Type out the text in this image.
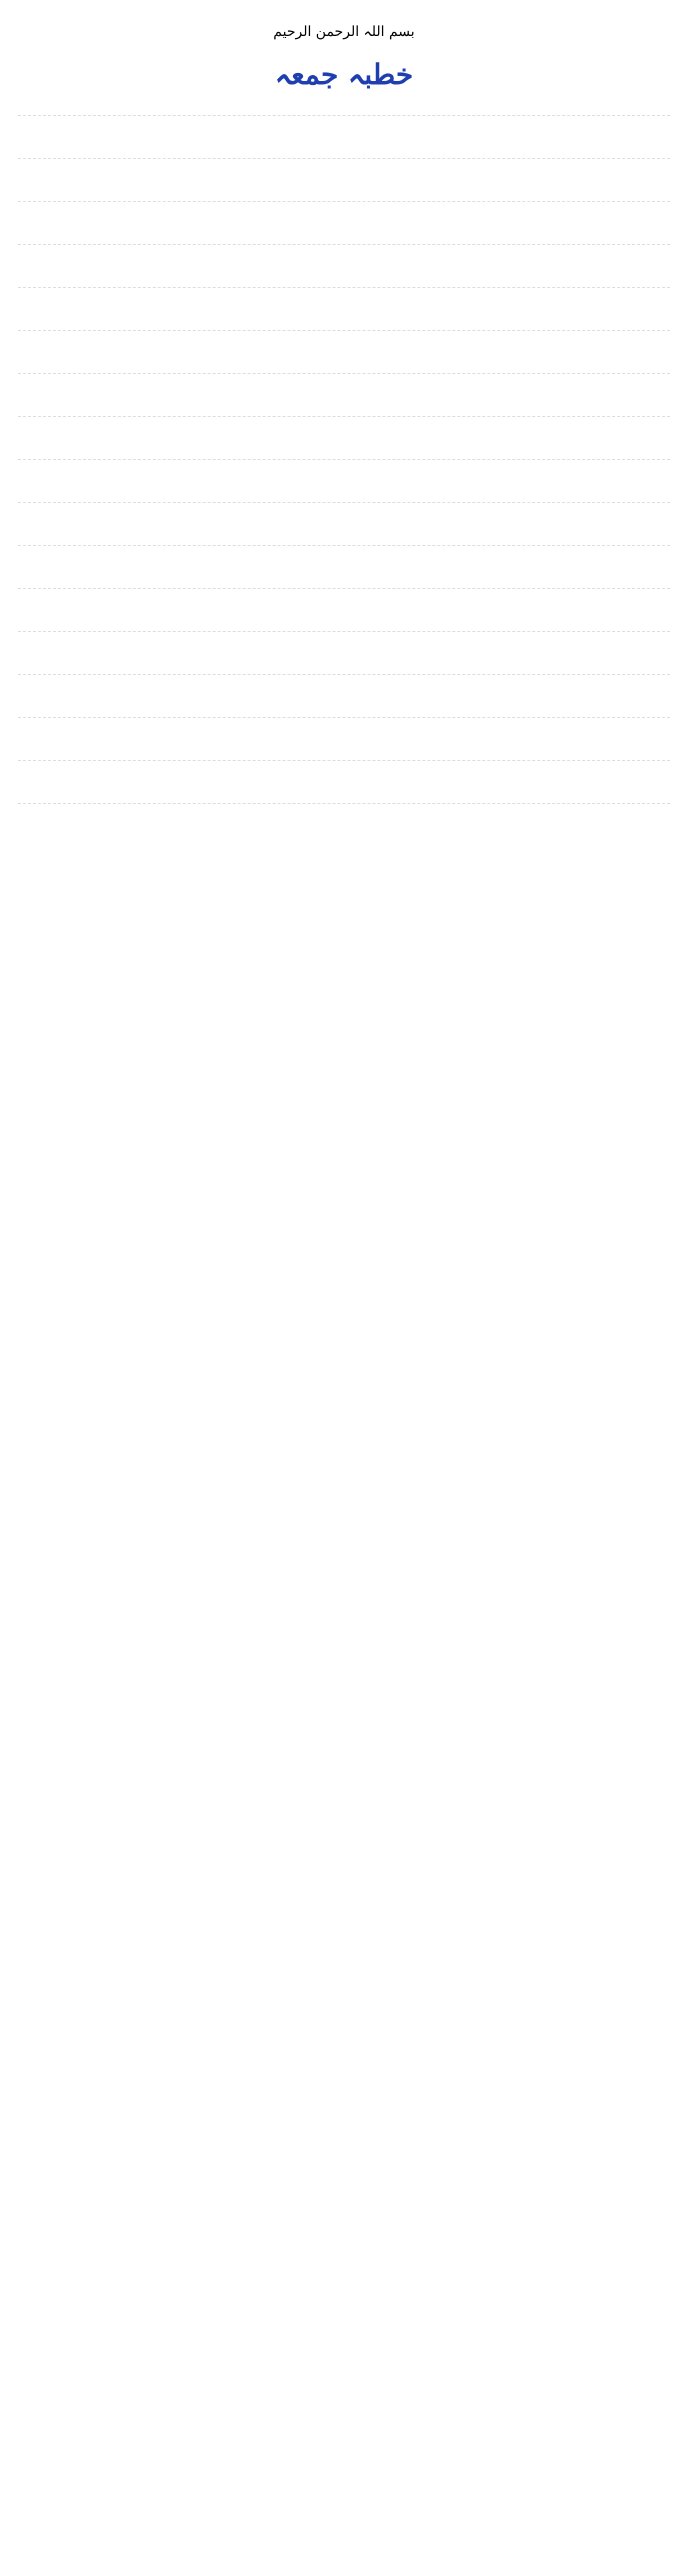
بسم اللہ الرحمن الرحیم
خطبہ جمعہ
